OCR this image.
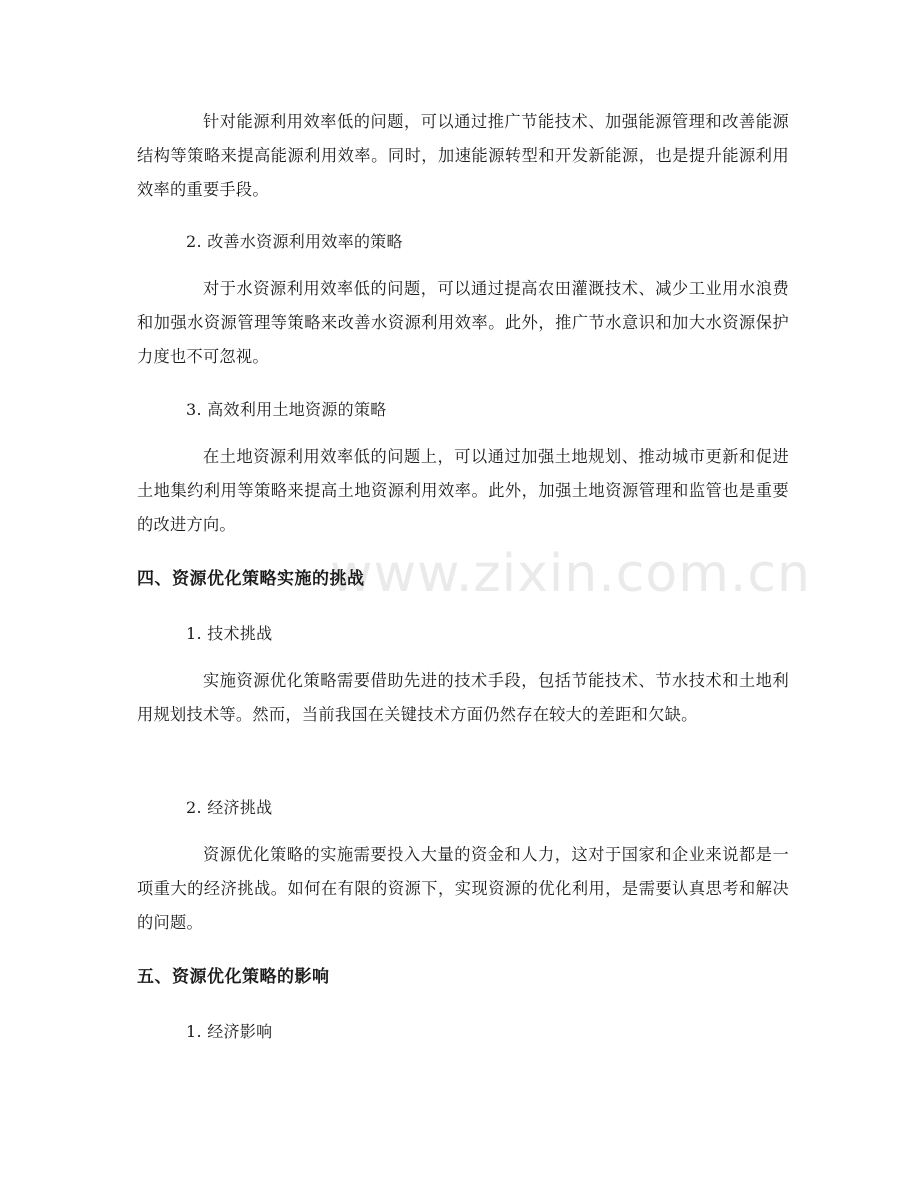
www.zixin.com.cn

针对能源利用效率低的问题，可以通过推广节能技术、加强能源管理和改善能源结构等策略来提高能源利用效率。同时，加速能源转型和开发新能源，也是提升能源利用效率的重要手段。

2. 改善水资源利用效率的策略

对于水资源利用效率低的问题，可以通过提高农田灌溉技术、减少工业用水浪费和加强水资源管理等策略来改善水资源利用效率。此外，推广节水意识和加大水资源保护力度也不可忽视。

3. 高效利用土地资源的策略

在土地资源利用效率低的问题上，可以通过加强土地规划、推动城市更新和促进土地集约利用等策略来提高土地资源利用效率。此外，加强土地资源管理和监管也是重要的改进方向。

四、资源优化策略实施的挑战

1. 技术挑战

实施资源优化策略需要借助先进的技术手段，包括节能技术、节水技术和土地利用规划技术等。然而，当前我国在关键技术方面仍然存在较大的差距和欠缺。

2. 经济挑战

资源优化策略的实施需要投入大量的资金和人力，这对于国家和企业来说都是一项重大的经济挑战。如何在有限的资源下，实现资源的优化利用，是需要认真思考和解决的问题。

五、资源优化策略的影响

1. 经济影响
